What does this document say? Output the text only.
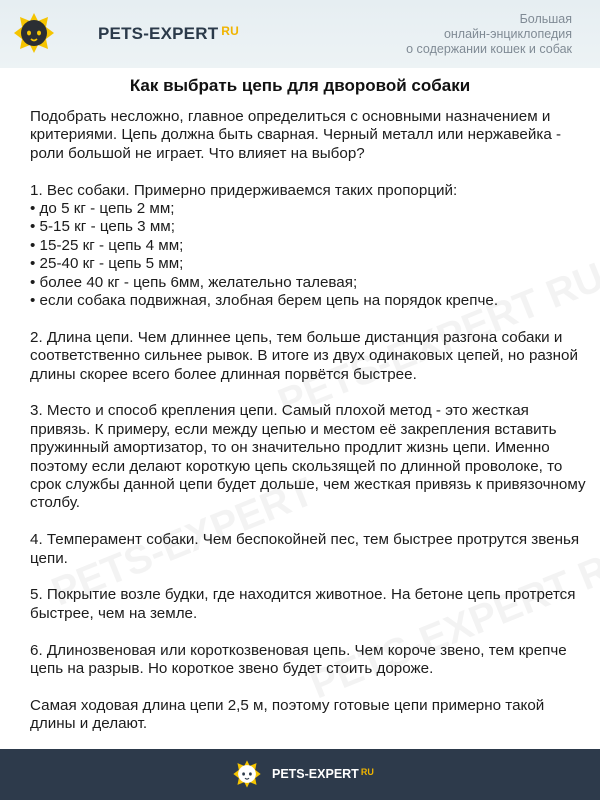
PETS-EXPERT $^{RU}$
Большая
онлайн-энциклопедия
о содержании кошек и собак
Как выбрать цепь для дворовой собаки

Подобрать несложно, главное определиться с основными назначением и критериями. Цепь должна быть сварная. Черный металл или нержавейка - роли большой не играет. Что влияет на выбор?

1. Вес собаки. Примерно придерживаемся таких пропорций:
• до 5 кг - цепь 2 мм;
• 5-15 кг - цепь 3 мм;
• 15-25 кг - цепь 4 мм;
• 25-40 кг - цепь 5 мм;
• более 40 кг - цепь 6мм, желательно талевая;
• если собака подвижная, злобная берем цепь на порядок крепче.

2. Длина цепи. Чем длиннее цепь, тем больше дистанция разгона собаки и соответственно сильнее рывок. В итоге из двух одинаковых цепей, но разной длины скорее всего более длинная порвётся быстрее.

3. Место и способ крепления цепи. Самый плохой метод - это жесткая привязь. К примеру, если между цепью и местом её закрепления вставить пружинный амортизатор, то он значительно продлит жизнь цепи. Именно поэтому если делают короткую цепь скользящей по длинной проволоке, то срок службы данной цепи будет дольше, чем жесткая привязь к привязочному столбу.

4. Темперамент собаки. Чем беспокойней пес, тем быстрее протрутся звенья цепи.

5. Покрытие возле будки, где находится животное. На бетоне цепь протрется быстрее, чем на земле.

6. Длинозвеновая или короткозвеновая цепь. Чем короче звено, тем крепче цепь на разрыв. Но короткое звено будет стоить дороже.

Самая ходовая длина цепи 2,5 м, поэтому готовые цепи примерно такой длины и делают.

PETS-EXPERT $^{RU}$
